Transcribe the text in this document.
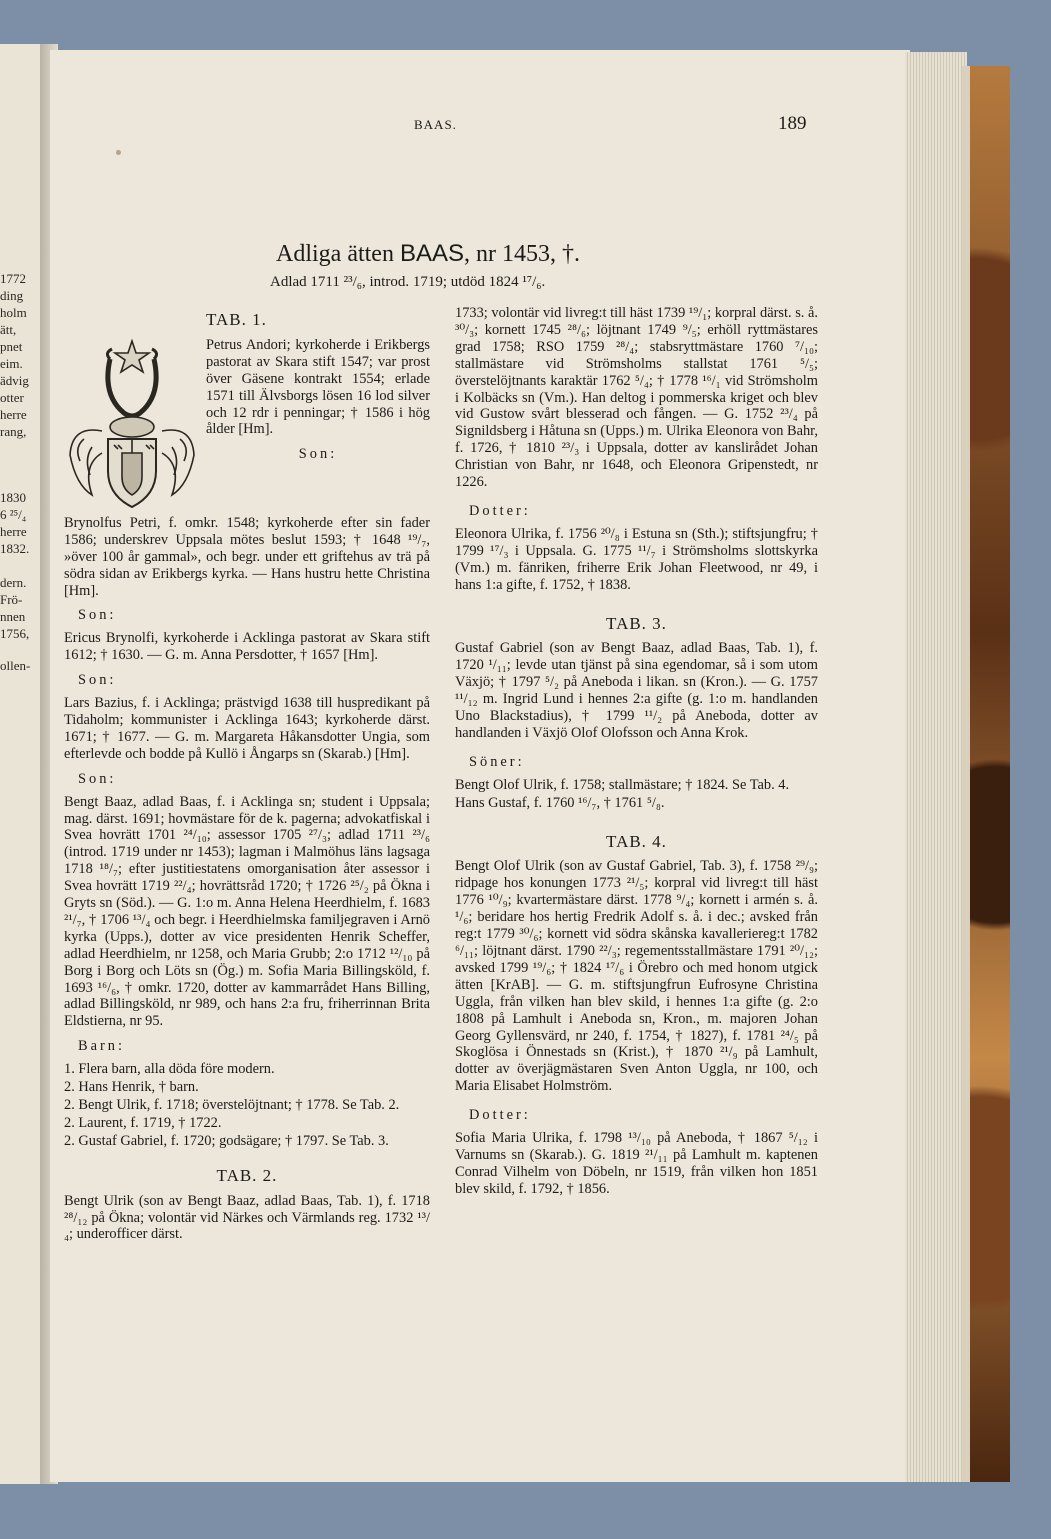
1772
ding
holm
ätt,
pnet
eim.
ädvig
otter
herre
rang,
1830
6 ²⁵/₄
herre
1832.
dern.
Frö-
nnen
1756,
ollen-
BAAS.	189
Adliga ätten BAAS, nr 1453, †.
Adlad 1711 ²³/₆, introd. 1719; utdöd 1824 ¹⁷/₆.
TAB. 1.

Petrus Andori; kyrkoherde i Erikbergs pastorat av Skara stift 1547; var prost över Gäsene kontrakt 1554; erlade 1571 till Älvsborgs lösen 16 lod silver och 12 rdr i penningar; † 1586 i hög ålder [Hm].

Son:

Brynolfus Petri, f. omkr. 1548; kyrkoherde efter sin fader 1586; underskrev Uppsala mötes beslut 1593; † 1648 ¹⁹/₇, »över 100 år gammal», och begr. under ett griftehus av trä på södra sidan av Erikbergs kyrka. — Hans hustru hette Christina [Hm].

Son:

Ericus Brynolfi, kyrkoherde i Acklinga pastorat av Skara stift 1612; † 1630. — G. m. Anna Persdotter, † 1657 [Hm].

Son:

Lars Bazius, f. i Acklinga; prästvigd 1638 till huspredikant på Tidaholm; kommunister i Acklinga 1643; kyrkoherde därst. 1671; † 1677. — G. m. Margareta Håkansdotter Ungia, som efterlevde och bodde på Kullö i Ångarps sn (Skarab.) [Hm].

Son:

Bengt Baaz, adlad Baas, f. i Acklinga sn; student i Uppsala; mag. därst. 1691; hovmästare för de k. pagerna; advokatfiskal i Svea hovrätt 1701 ²⁴/₁₀; assessor 1705 ²⁷/₃; adlad 1711 ²³/₆ (introd. 1719 under nr 1453); lagman i Malmöhus läns lagsaga 1718 ¹⁸/₇; efter justitiestatens omorganisation åter assessor i Svea hovrätt 1719 ²²/₄; hovrättsråd 1720; † 1726 ²⁵/₂ på Ökna i Gryts sn (Söd.). — G. 1:o m. Anna Helena Heerdhielm, f. 1683 ²¹/₇, † 1706 ¹³/₄ och begr. i Heerdhielmska familjegraven i Arnö kyrka (Upps.), dotter av vice presidenten Henrik Scheffer, adlad Heerdhielm, nr 1258, och Maria Grubb; 2:o 1712 ¹²/₁₀ på Borg i Borg och Löts sn (Ög.) m. Sofia Maria Billingsköld, f. 1693 ¹⁶/₆, † omkr. 1720, dotter av kammarrådet Hans Billing, adlad Billingsköld, nr 989, och hans 2:a fru, friherrinnan Brita Eldstierna, nr 95.

Barn:

1. Flera barn, alla döda före modern.

2. Hans Henrik, † barn.

2. Bengt Ulrik, f. 1718; överstelöjtnant; † 1778. Se Tab. 2.

2. Laurent, f. 1719, † 1722.

2. Gustaf Gabriel, f. 1720; godsägare; † 1797. Se Tab. 3.

TAB. 2.

Bengt Ulrik (son av Bengt Baaz, adlad Baas, Tab. 1), f. 1718 ²⁸/₁₂ på Ökna; volontär vid Närkes och Värmlands reg. 1732 ¹³/₄; underofficer därst.

1733; volontär vid livreg:t till häst 1739 ¹⁹/₁; korpral därst. s. å. ³⁰/₃; kornett 1745 ²⁸/₆; löjtnant 1749 ⁹/₅; erhöll ryttmästares grad 1758; RSO 1759 ²⁸/₄; stabsryttmästare 1760 ⁷/₁₀; stallmästare vid Strömsholms stallstat 1761 ⁵/₅; överstelöjtnants karaktär 1762 ⁵/₄; † 1778 ¹⁶/₁ vid Strömsholm i Kolbäcks sn (Vm.). Han deltog i pommerska kriget och blev vid Gustow svårt blesserad och fången. — G. 1752 ²³/₄ på Signildsberg i Håtuna sn (Upps.) m. Ulrika Eleonora von Bahr, f. 1726, † 1810 ²³/₃ i Uppsala, dotter av kanslirådet Johan Christian von Bahr, nr 1648, och Eleonora Gripenstedt, nr 1226.

Dotter:

Eleonora Ulrika, f. 1756 ²⁰/₈ i Estuna sn (Sth.); stiftsjungfru; † 1799 ¹⁷/₃ i Uppsala. G. 1775 ¹¹/₇ i Strömsholms slottskyrka (Vm.) m. fänriken, friherre Erik Johan Fleetwood, nr 49, i hans 1:a gifte, f. 1752, † 1838.

TAB. 3.

Gustaf Gabriel (son av Bengt Baaz, adlad Baas, Tab. 1), f. 1720 ¹/₁₁; levde utan tjänst på sina egendomar, så i som utom Växjö; † 1797 ⁵/₂ på Aneboda i likan. sn (Kron.). — G. 1757 ¹¹/₁₂ m. Ingrid Lund i hennes 2:a gifte (g. 1:o m. handlanden Uno Blackstadius), † 1799 ¹¹/₂ på Aneboda, dotter av handlanden i Växjö Olof Olofsson och Anna Krok.

Söner:

Bengt Olof Ulrik, f. 1758; stallmästare; † 1824. Se Tab. 4.

Hans Gustaf, f. 1760 ¹⁶/₇, † 1761 ⁵/₈.

TAB. 4.

Bengt Olof Ulrik (son av Gustaf Gabriel, Tab. 3), f. 1758 ²⁹/₉; ridpage hos konungen 1773 ²¹/₅; korpral vid livreg:t till häst 1776 ¹⁰/₉; kvartermästare därst. 1778 ⁹/₄; kornett i armén s. å. ¹/₆; beridare hos hertig Fredrik Adolf s. å. i dec.; avsked från reg:t 1779 ³⁰/₆; kornett vid södra skånska kavalleriereg:t 1782 ⁶/₁₁; löjtnant därst. 1790 ²²/₃; regementsstallmästare 1791 ²⁰/₁₂; avsked 1799 ¹⁹/₆; † 1824 ¹⁷/₆ i Örebro och med honom utgick ätten [KrAB]. — G. m. stiftsjungfrun Eufrosyne Christina Uggla, från vilken han blev skild, i hennes 1:a gifte (g. 2:o 1808 på Lamhult i Aneboda sn, Kron., m. majoren Johan Georg Gyllensvärd, nr 240, f. 1754, † 1827), f. 1781 ²⁴/₅ på Skoglösa i Önnestads sn (Krist.), † 1870 ²¹/₉ på Lamhult, dotter av överjägmästaren Sven Anton Uggla, nr 100, och Maria Elisabet Holmström.

Dotter:

Sofia Maria Ulrika, f. 1798 ¹³/₁₀ på Aneboda, † 1867 ⁵/₁₂ i Varnums sn (Skarab.). G. 1819 ²¹/₁₁ på Lamhult m. kaptenen Conrad Vilhelm von Döbeln, nr 1519, från vilken hon 1851 blev skild, f. 1792, † 1856.
